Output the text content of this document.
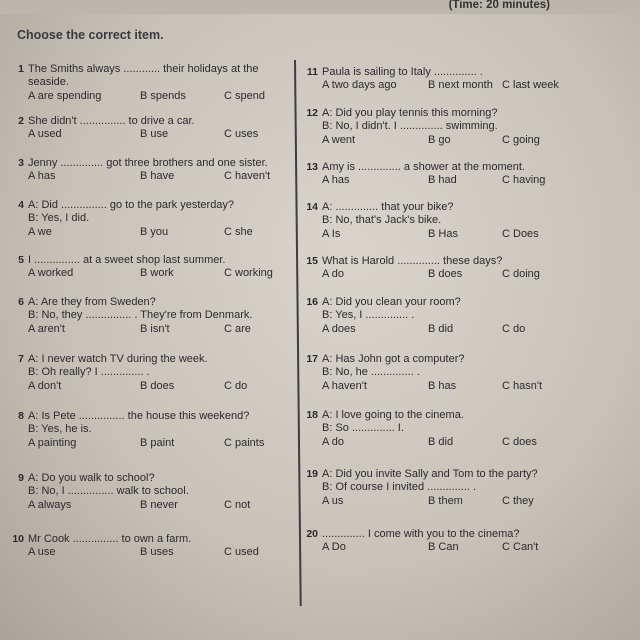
(Time: 20 minutes)
Choose the correct item.
1 The Smiths always ............ their holidays at the
seaside.
A are spending	B spends	C spend
2 She didn't ............... to drive a car.
A used	B use	C uses
3 Jenny .............. got three brothers and one sister.
A has	B have	C haven't
4 A: Did ............... go to the park yesterday?
B: Yes, I did.
A we	B you	C she
5 I ............... at a sweet shop last summer.
A worked	B work	C working
6 A: Are they from Sweden?
B: No, they ............... . They're from Denmark.
A aren't	B isn't	C are
7 A: I never watch TV during the week.
B: Oh really? I .............. .
A don't	B does	C do
8 A: Is Pete ............... the house this weekend?
B: Yes, he is.
A painting	B paint	C paints
9 A: Do you walk to school?
B: No, I ............... walk to school.
A always	B never	C not
10 Mr Cook ............... to own a farm.
A use	B uses	C used
11 Paula is sailing to Italy .............. .
A two days ago	B next month C last week
12 A: Did you play tennis this morning?
B: No, I didn't. I .............. swimming.
A went	B go	C going
13 Amy is .............. a shower at the moment.
A has	B had	C having
14 A: .............. that your bike?
B: No, that's Jack's bike.
A Is	B Has	C Does
15 What is Harold .............. these days?
A do	B does	C doing
16 A: Did you clean your room?
B: Yes, I .............. .
A does	B did	C do
17 A: Has John got a computer?
B: No, he .............. .
A haven't	B has	C hasn't
18 A: I love going to the cinema.
B: So .............. I.
A do	B did	C does
19 A: Did you invite Sally and Tom to the party?
B: Of course I invited .............. .
A us	B them	C they
20 .............. I come with you to the cinema?
A Do	B Can	C Can't
